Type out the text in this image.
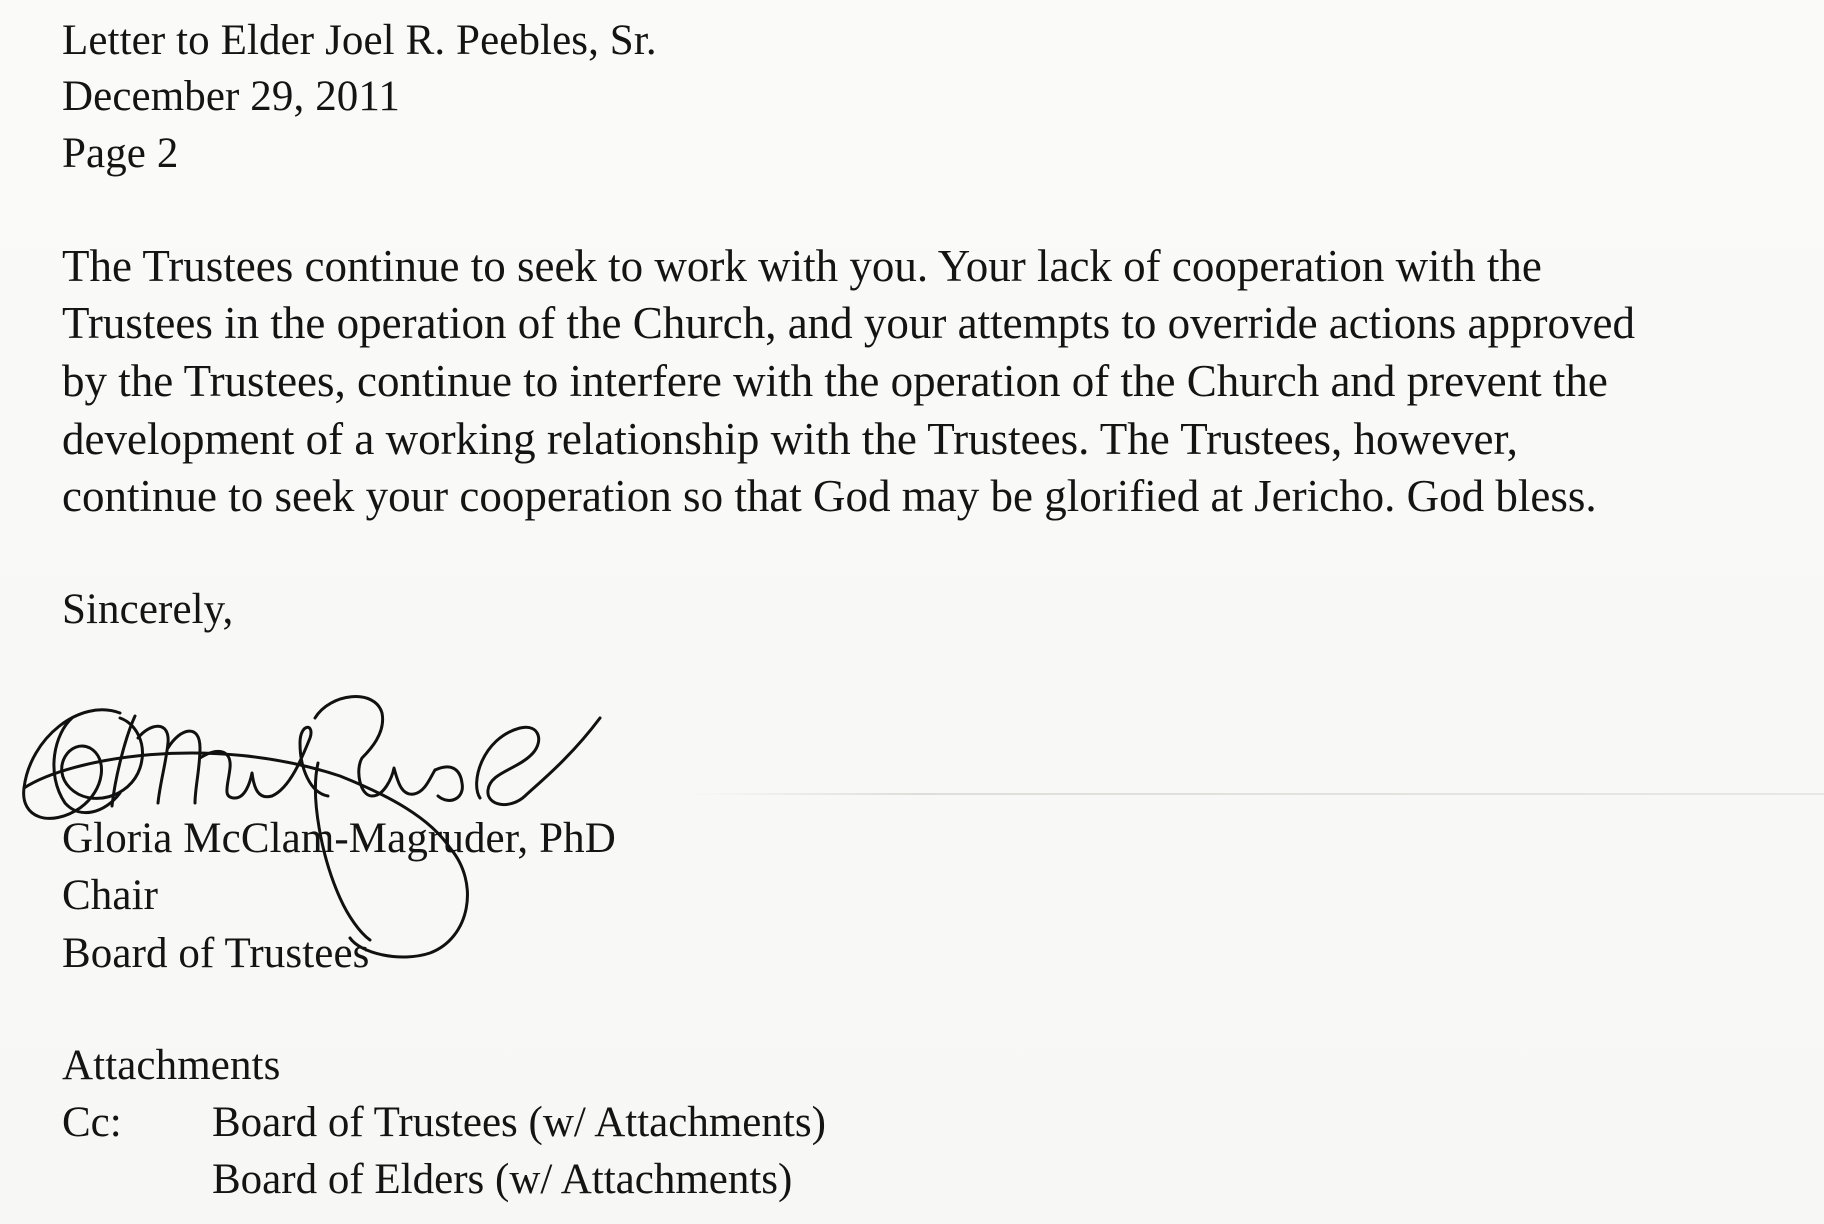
Letter to Elder Joel R. Peebles, Sr.
December 29, 2011
Page 2
The Trustees continue to seek to work with you. Your lack of cooperation with the
Trustees in the operation of the Church, and your attempts to override actions approved
by the Trustees, continue to interfere with the operation of the Church and prevent the
development of a working relationship with the Trustees. The Trustees, however,
continue to seek your cooperation so that God may be glorified at Jericho. God bless.
Sincerely,
Gloria McClam-Magruder, PhD
Chair
Board of Trustees
Attachments
Cc: Board of Trustees (w/ Attachments)
Board of Elders (w/ Attachments)
